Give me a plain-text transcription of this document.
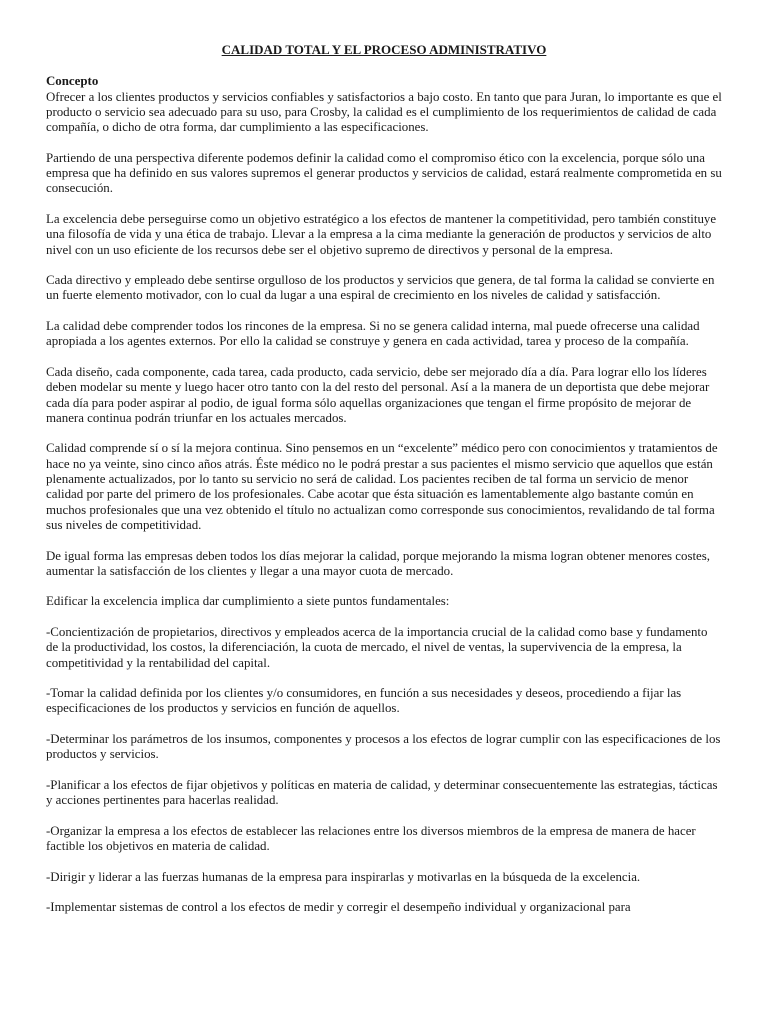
CALIDAD TOTAL Y EL PROCESO ADMINISTRATIVO

Concepto

Ofrecer a los clientes productos y servicios confiables y satisfactorios a bajo costo. En tanto que para Juran, lo importante es que el producto o servicio sea adecuado para su uso, para Crosby, la calidad es el cumplimiento de los requerimientos de calidad de cada compañía, o dicho de otra forma, dar cumplimiento a las especificaciones.

Partiendo de una perspectiva diferente podemos definir la calidad como el compromiso ético con la excelencia, porque sólo una empresa que ha definido en sus valores supremos el generar productos y servicios de calidad, estará realmente comprometida en su consecución.

La excelencia debe perseguirse como un objetivo estratégico a los efectos de mantener la competitividad, pero también constituye una filosofía de vida y una ética de trabajo. Llevar a la empresa a la cima mediante la generación de productos y servicios de alto nivel con un uso eficiente de los recursos debe ser el objetivo supremo de directivos y personal de la empresa.

Cada directivo y empleado debe sentirse orgulloso de los productos y servicios que genera, de tal forma la calidad se convierte en un fuerte elemento motivador, con lo cual da lugar a una espiral de crecimiento en los niveles de calidad y satisfacción.

La calidad debe comprender todos los rincones de la empresa. Si no se genera calidad interna, mal puede ofrecerse una calidad apropiada a los agentes externos. Por ello la calidad se construye y genera en cada actividad, tarea y proceso de la compañía.

Cada diseño, cada componente, cada tarea, cada producto, cada servicio, debe ser mejorado día a día. Para lograr ello los líderes deben modelar su mente y luego hacer otro tanto con la del resto del personal. Así a la manera de un deportista que debe mejorar cada día para poder aspirar al podio, de igual forma sólo aquellas organizaciones que tengan el firme propósito de mejorar de manera continua podrán triunfar en los actuales mercados.

Calidad comprende sí o sí la mejora continua. Sino pensemos en un “excelente” médico pero con conocimientos y tratamientos de hace no ya veinte, sino cinco años atrás. Éste médico no le podrá prestar a sus pacientes el mismo servicio que aquellos que están plenamente actualizados, por lo tanto su servicio no será de calidad. Los pacientes reciben de tal forma un servicio de menor calidad por parte del primero de los profesionales. Cabe acotar que ésta situación es lamentablemente algo bastante común en muchos profesionales que una vez obtenido el título no actualizan como corresponde sus conocimientos, revalidando de tal forma sus niveles de competitividad.

De igual forma las empresas deben todos los días mejorar la calidad, porque mejorando la misma logran obtener menores costes, aumentar la satisfacción de los clientes y llegar a una mayor cuota de mercado.

Edificar la excelencia implica dar cumplimiento a siete puntos fundamentales:

-Concientización de propietarios, directivos y empleados acerca de la importancia crucial de la calidad como base y fundamento de la productividad, los costos, la diferenciación, la cuota de mercado, el nivel de ventas, la supervivencia de la empresa, la competitividad y la rentabilidad del capital.

-Tomar la calidad definida por los clientes y/o consumidores, en función a sus necesidades y deseos, procediendo a fijar las especificaciones de los productos y servicios en función de aquellos.

-Determinar los parámetros de los insumos, componentes y procesos a los efectos de lograr cumplir con las especificaciones de los productos y servicios.

-Planificar a los efectos de fijar objetivos y políticas en materia de calidad, y determinar consecuentemente las estrategias, tácticas y acciones pertinentes para hacerlas realidad.

-Organizar la empresa a los efectos de establecer las relaciones entre los diversos miembros de la empresa de manera de hacer factible los objetivos en materia de calidad.

-Dirigir y liderar a las fuerzas humanas de la empresa para inspirarlas y motivarlas en la búsqueda de la excelencia.

-Implementar sistemas de control a los efectos de medir y corregir el desempeño individual y organizacional para
